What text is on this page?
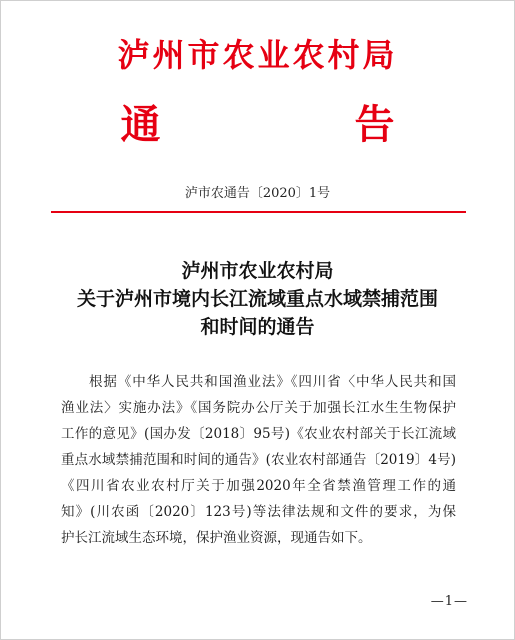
泸州市农业农村局
通 告
泸市农通告〔2020〕1号
泸州市农业农村局
关于泸州市境内长江流域重点水域禁捕范围
和时间的通告
根据《中华人民共和国渔业法》《四川省〈中华人民共和国
渔业法〉实施办法》《国务院办公厅关于加强长江水生生物保护
工作的意见》(国办发〔2018〕95号)《农业农村部关于长江流域
重点水域禁捕范围和时间的通告》(农业农村部通告〔2019〕4号)
《四川省农业农村厅关于加强2020年全省禁渔管理工作的通
知》(川农函〔2020〕123号)等法律法规和文件的要求，为保
护长江流域生态环境，保护渔业资源，现通告如下。
—1—
